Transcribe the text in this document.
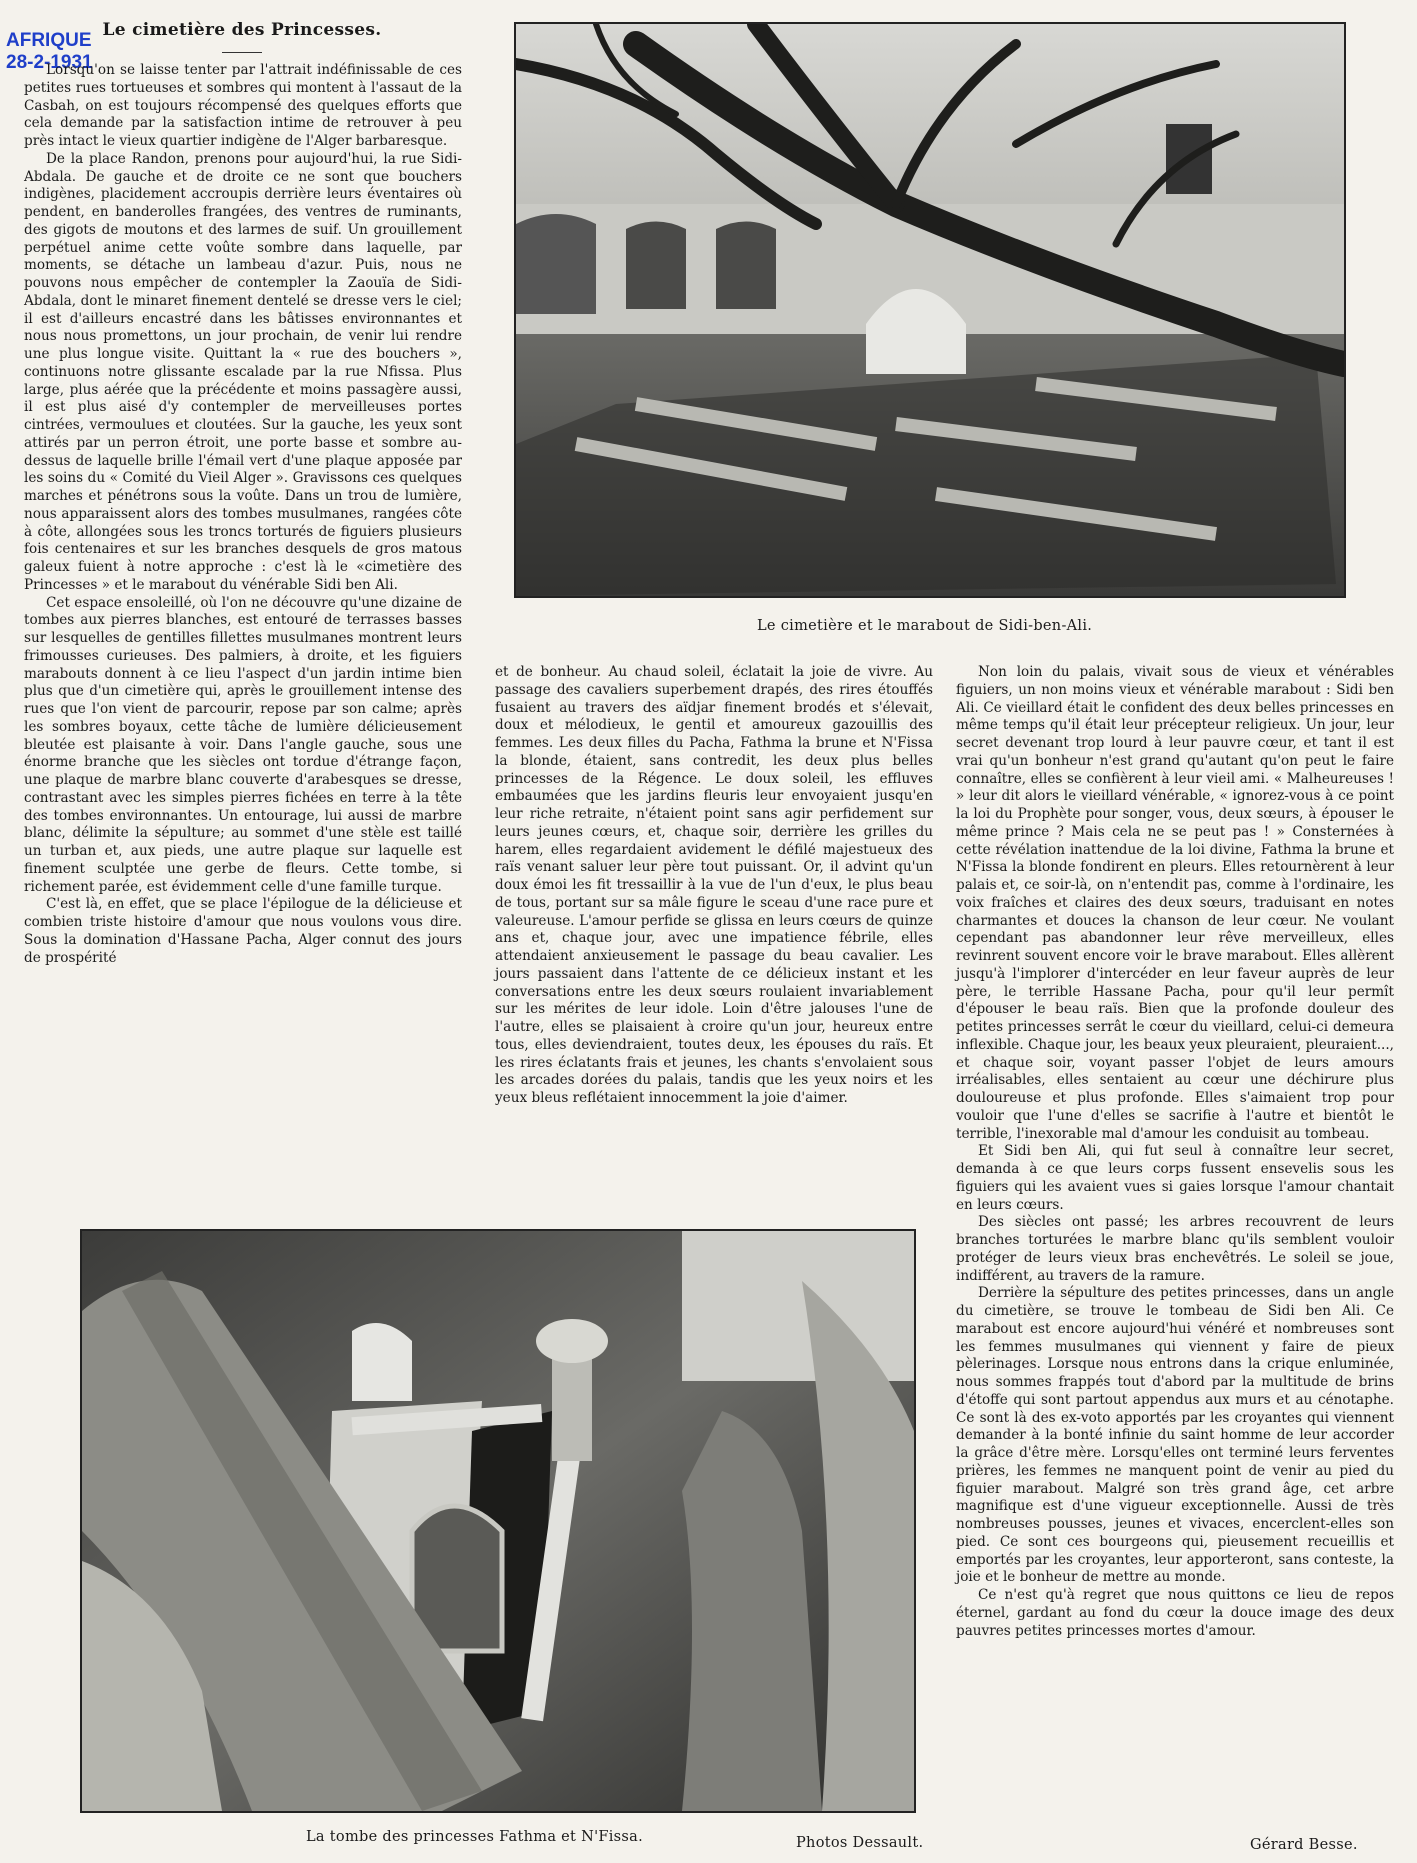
AFRIQUE
28-2-1931
Le cimetière des Princesses.

Lorsqu'on se laisse tenter par l'attrait indéfinissable de ces petites rues tortueuses et sombres qui montent à l'assaut de la Casbah, on est toujours récompensé des quelques efforts que cela demande par la satisfaction intime de retrouver à peu près intact le vieux quartier indigène de l'Alger barbaresque.

De la place Randon, prenons pour aujourd'hui, la rue Sidi-Abdala. De gauche et de droite ce ne sont que bouchers indigènes, placidement accroupis derrière leurs éventaires où pendent, en banderolles frangées, des ventres de ruminants, des gigots de moutons et des larmes de suif. Un grouillement perpétuel anime cette voûte sombre dans laquelle, par moments, se détache un lambeau d'azur. Puis, nous ne pouvons nous empêcher de contempler la Zaouïa de Sidi-Abdala, dont le minaret finement dentelé se dresse vers le ciel; il est d'ailleurs encastré dans les bâtisses environnantes et nous nous promettons, un jour prochain, de venir lui rendre une plus longue visite. Quittant la « rue des bouchers », continuons notre glissante escalade par la rue Nfissa. Plus large, plus aérée que la précédente et moins passagère aussi, il est plus aisé d'y contempler de merveilleuses portes cintrées, vermoulues et cloutées. Sur la gauche, les yeux sont attirés par un perron étroit, une porte basse et sombre au-dessus de laquelle brille l'émail vert d'une plaque apposée par les soins du « Comité du Vieil Alger ». Gravissons ces quelques marches et pénétrons sous la voûte. Dans un trou de lumière, nous apparaissent alors des tombes musulmanes, rangées côte à côte, allongées sous les troncs torturés de figuiers plusieurs fois centenaires et sur les branches desquels de gros matous galeux fuient à notre approche : c'est là le «cimetière des Princesses » et le marabout du vénérable Sidi ben Ali.

Cet espace ensoleillé, où l'on ne découvre qu'une dizaine de tombes aux pierres blanches, est entouré de terrasses basses sur lesquelles de gentilles fillettes musulmanes montrent leurs frimousses curieuses. Des palmiers, à droite, et les figuiers marabouts donnent à ce lieu l'aspect d'un jardin intime bien plus que d'un cimetière qui, après le grouillement intense des rues que l'on vient de parcourir, repose par son calme; après les sombres boyaux, cette tâche de lumière délicieusement bleutée est plaisante à voir. Dans l'angle gauche, sous une énorme branche que les siècles ont tordue d'étrange façon, une plaque de marbre blanc couverte d'arabesques se dresse, contrastant avec les simples pierres fichées en terre à la tête des tombes environnantes. Un entourage, lui aussi de marbre blanc, délimite la sépulture; au sommet d'une stèle est taillé un turban et, aux pieds, une autre plaque sur laquelle est finement sculptée une gerbe de fleurs. Cette tombe, si richement parée, est évidemment celle d'une famille turque.

C'est là, en effet, que se place l'épilogue de la délicieuse et combien triste histoire d'amour que nous voulons vous dire. Sous la domination d'Hassane Pacha, Alger connut des jours de prospérité

Le cimetière et le marabout de Sidi-ben-Ali.

et de bonheur. Au chaud soleil, éclatait la joie de vivre. Au passage des cavaliers superbement drapés, des rires étouffés fusaient au travers des aïdjar finement brodés et s'élevait, doux et mélodieux, le gentil et amoureux gazouillis des femmes. Les deux filles du Pacha, Fathma la brune et N'Fissa la blonde, étaient, sans contredit, les deux plus belles princesses de la Régence. Le doux soleil, les effluves embaumées que les jardins fleuris leur envoyaient jusqu'en leur riche retraite, n'étaient point sans agir perfidement sur leurs jeunes cœurs, et, chaque soir, derrière les grilles du harem, elles regardaient avidement le défilé majestueux des raïs venant saluer leur père tout puissant. Or, il advint qu'un doux émoi les fit tressaillir à la vue de l'un d'eux, le plus beau de tous, portant sur sa mâle figure le sceau d'une race pure et valeureuse. L'amour perfide se glissa en leurs cœurs de quinze ans et, chaque jour, avec une impatience fébrile, elles attendaient anxieusement le passage du beau cavalier. Les jours passaient dans l'attente de ce délicieux instant et les conversations entre les deux sœurs roulaient invariablement sur les mérites de leur idole. Loin d'être jalouses l'une de l'autre, elles se plaisaient à croire qu'un jour, heureux entre tous, elles deviendraient, toutes deux, les épouses du raïs. Et les rires éclatants frais et jeunes, les chants s'envolaient sous les arcades dorées du palais, tandis que les yeux noirs et les yeux bleus reflétaient innocemment la joie d'aimer.

Non loin du palais, vivait sous de vieux et vénérables figuiers, un non moins vieux et vénérable marabout : Sidi ben Ali. Ce vieillard était le confident des deux belles princesses en même temps qu'il était leur précepteur religieux. Un jour, leur secret devenant trop lourd à leur pauvre cœur, et tant il est vrai qu'un bonheur n'est grand qu'autant qu'on peut le faire connaître, elles se confièrent à leur vieil ami. « Malheureuses ! » leur dit alors le vieillard vénérable, « ignorez-vous à ce point la loi du Prophète pour songer, vous, deux sœurs, à épouser le même prince ? Mais cela ne se peut pas ! » Consternées à cette révélation inattendue de la loi divine, Fathma la brune et N'Fissa la blonde fondirent en pleurs. Elles retournèrent à leur palais et, ce soir-là, on n'entendit pas, comme à l'ordinaire, les voix fraîches et claires des deux sœurs, traduisant en notes charmantes et douces la chanson de leur cœur. Ne voulant cependant pas abandonner leur rêve merveilleux, elles revinrent souvent encore voir le brave marabout. Elles allèrent jusqu'à l'implorer d'intercéder en leur faveur auprès de leur père, le terrible Hassane Pacha, pour qu'il leur permît d'épouser le beau raïs. Bien que la profonde douleur des petites princesses serrât le cœur du vieillard, celui-ci demeura inflexible. Chaque jour, les beaux yeux pleuraient, pleuraient..., et chaque soir, voyant passer l'objet de leurs amours irréalisables, elles sentaient au cœur une déchirure plus douloureuse et plus profonde. Elles s'aimaient trop pour vouloir que l'une d'elles se sacrifie à l'autre et bientôt le terrible, l'inexorable mal d'amour les conduisit au tombeau.

Et Sidi ben Ali, qui fut seul à connaître leur secret, demanda à ce que leurs corps fussent ensevelis sous les figuiers qui les avaient vues si gaies lorsque l'amour chantait en leurs cœurs.

Des siècles ont passé; les arbres recouvrent de leurs branches torturées le marbre blanc qu'ils semblent vouloir protéger de leurs vieux bras enchevêtrés. Le soleil se joue, indifférent, au travers de la ramure.

Derrière la sépulture des petites princesses, dans un angle du cimetière, se trouve le tombeau de Sidi ben Ali. Ce marabout est encore aujourd'hui vénéré et nombreuses sont les femmes musulmanes qui viennent y faire de pieux pèlerinages. Lorsque nous entrons dans la crique enluminée, nous sommes frappés tout d'abord par la multitude de brins d'étoffe qui sont partout appendus aux murs et au cénotaphe. Ce sont là des ex-voto apportés par les croyantes qui viennent demander à la bonté infinie du saint homme de leur accorder la grâce d'être mère. Lorsqu'elles ont terminé leurs ferventes prières, les femmes ne manquent point de venir au pied du figuier marabout. Malgré son très grand âge, cet arbre magnifique est d'une vigueur exceptionnelle. Aussi de très nombreuses pousses, jeunes et vivaces, encerclent-elles son pied. Ce sont ces bourgeons qui, pieusement recueillis et emportés par les croyantes, leur apporteront, sans conteste, la joie et le bonheur de mettre au monde.

Ce n'est qu'à regret que nous quittons ce lieu de repos éternel, gardant au fond du cœur la douce image des deux pauvres petites princesses mortes d'amour.

La tombe des princesses Fathma et N'Fissa.	Photos Dessault.	Gérard Besse.
